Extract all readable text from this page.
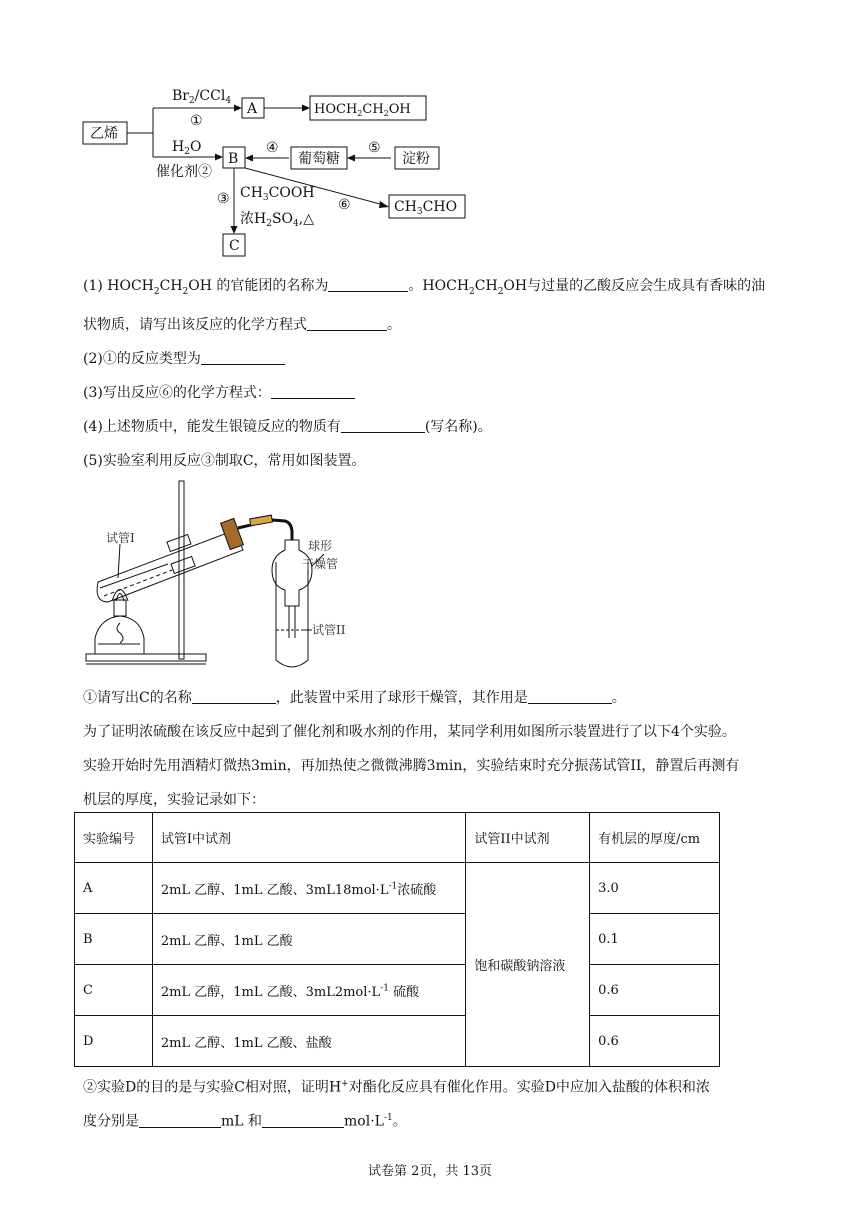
乙烯
$Br_2/CCl_4$
①
A	$HOCH_2CH_2OH$
$H_2O$
催化剂②
B
④
葡萄糖
⑤
淀粉
③ $CH_3COOH$
浓$H_2SO_4,\triangle$
⑥	$CH_3CHO$
C
(1) $HOCH_2CH_2OH$ 的官能团的名称为	。$HOCH_2CH_2OH$与过量的乙酸反应会生成具有香味的油
状物质，请写出该反应的化学方程式	。
(2)①的反应类型为
(3)写出反应⑥的化学方程式：
(4)上述物质中，能发生银镜反应的物质有	(写名称)。
(5)实验室利用反应③制取C，常用如图装置。
试管I
球形
干燥管
试管II
①请写出C的名称	，此装置中采用了球形干燥管，其作用是	。
为了证明浓硫酸在该反应中起到了催化剂和吸水剂的作用，某同学利用如图所示装置进行了以下4个实验。
实验开始时先用酒精灯微热3min，再加热使之微微沸腾3min，实验结束时充分振荡试管II，静置后再测有
机层的厚度，实验记录如下：
实验编号	试管I中试剂	试管II中试剂	有机层的厚度/cm
A	2mL 乙醇、1mL 乙酸、$3mL18mol\cdot L^{-1}$浓硫酸	饱和碳酸钠溶液	3.0
B	2mL 乙醇、1mL 乙酸		0.1
C	2mL 乙醇，1mL 乙酸、$3mL2mol\cdot L^{-1}$ 硫酸		0.6
D	2mL 乙醇、1mL 乙酸、盐酸		0.6
②实验D的目的是与实验C相对照，证明H+对酯化反应具有催化作用。实验D中应加入盐酸的体积和浓
度分别是	mL 和	$mol\cdot L^{-1}$。
试卷第 2页，共 13页
